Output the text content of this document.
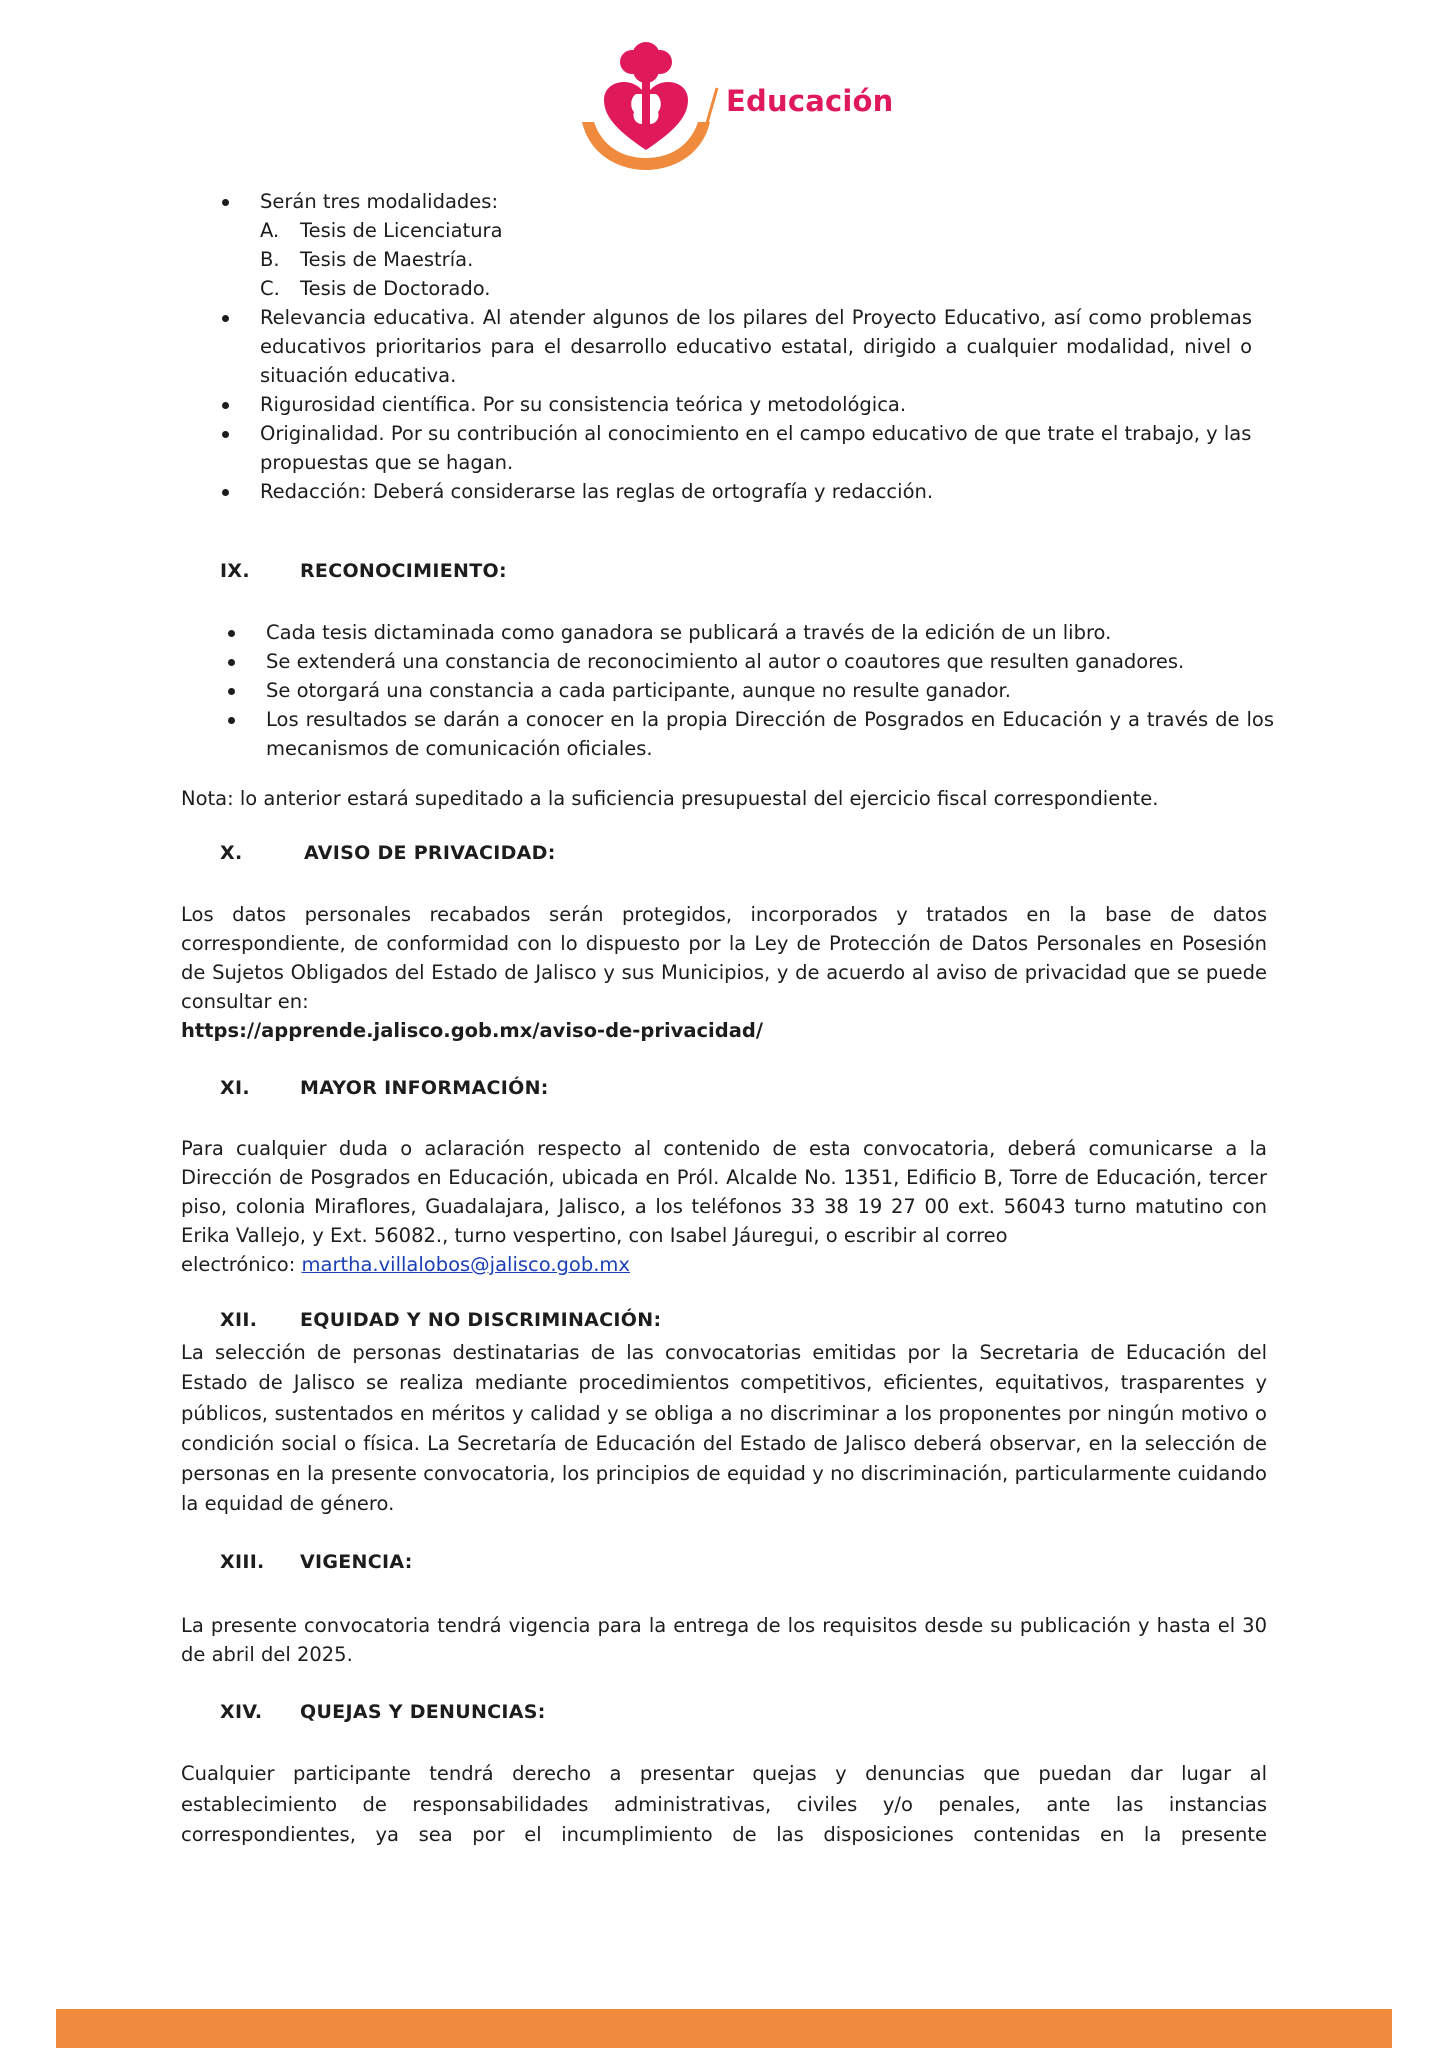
Educación
Serán tres modalidades:
A. Tesis de Licenciatura
B. Tesis de Maestría.
C. Tesis de Doctorado.
Relevancia educativa. Al atender algunos de los pilares del Proyecto Educativo, así como problemas educativos prioritarios para el desarrollo educativo estatal, dirigido a cualquier modalidad, nivel o situación educativa.
Rigurosidad científica. Por su consistencia teórica y metodológica.
Originalidad. Por su contribución al conocimiento en el campo educativo de que trate el trabajo, y las propuestas que se hagan.
Redacción: Deberá considerarse las reglas de ortografía y redacción.
IX.	RECONOCIMIENTO:
Cada tesis dictaminada como ganadora se publicará a través de la edición de un libro.
Se extenderá una constancia de reconocimiento al autor o coautores que resulten ganadores.
Se otorgará una constancia a cada participante, aunque no resulte ganador.
Los resultados se darán a conocer en la propia Dirección de Posgrados en Educación y a través de los mecanismos de comunicación oficiales.
Nota: lo anterior estará supeditado a la suficiencia presupuestal del ejercicio fiscal correspondiente.
X.	AVISO DE PRIVACIDAD:
Los datos personales recabados serán protegidos, incorporados y tratados en la base de datos correspondiente, de conformidad con lo dispuesto por la Ley de Protección de Datos Personales en Posesión de Sujetos Obligados del Estado de Jalisco y sus Municipios, y de acuerdo al aviso de privacidad que se puede consultar en:
https://apprende.jalisco.gob.mx/aviso-de-privacidad/
XI.	MAYOR INFORMACIÓN:
Para cualquier duda o aclaración respecto al contenido de esta convocatoria, deberá comunicarse a la Dirección de Posgrados en Educación, ubicada en Pról. Alcalde No. 1351, Edificio B, Torre de Educación, tercer piso, colonia Miraflores, Guadalajara, Jalisco, a los teléfonos 33 38 19 27 00 ext. 56043 turno matutino con Erika Vallejo, y Ext. 56082., turno vespertino, con Isabel Jáuregui, o escribir al correo
electrónico: martha.villalobos@jalisco.gob.mx
XII. EQUIDAD Y NO DISCRIMINACIÓN:
La selección de personas destinatarias de las convocatorias emitidas por la Secretaria de Educación del Estado de Jalisco se realiza mediante procedimientos competitivos, eficientes, equitativos, trasparentes y públicos, sustentados en méritos y calidad y se obliga a no discriminar a los proponentes por ningún motivo o condición social o física. La Secretaría de Educación del Estado de Jalisco deberá observar, en la selección de personas en la presente convocatoria, los principios de equidad y no discriminación, particularmente cuidando la equidad de género.
XIII. VIGENCIA:
La presente convocatoria tendrá vigencia para la entrega de los requisitos desde su publicación y hasta el 30 de abril del 2025.
XIV. QUEJAS Y DENUNCIAS:
Cualquier participante tendrá derecho a presentar quejas y denuncias que puedan dar lugar al establecimiento de responsabilidades administrativas, civiles y/o penales, ante las instancias correspondientes, ya sea por el incumplimiento de las disposiciones contenidas en la presente
